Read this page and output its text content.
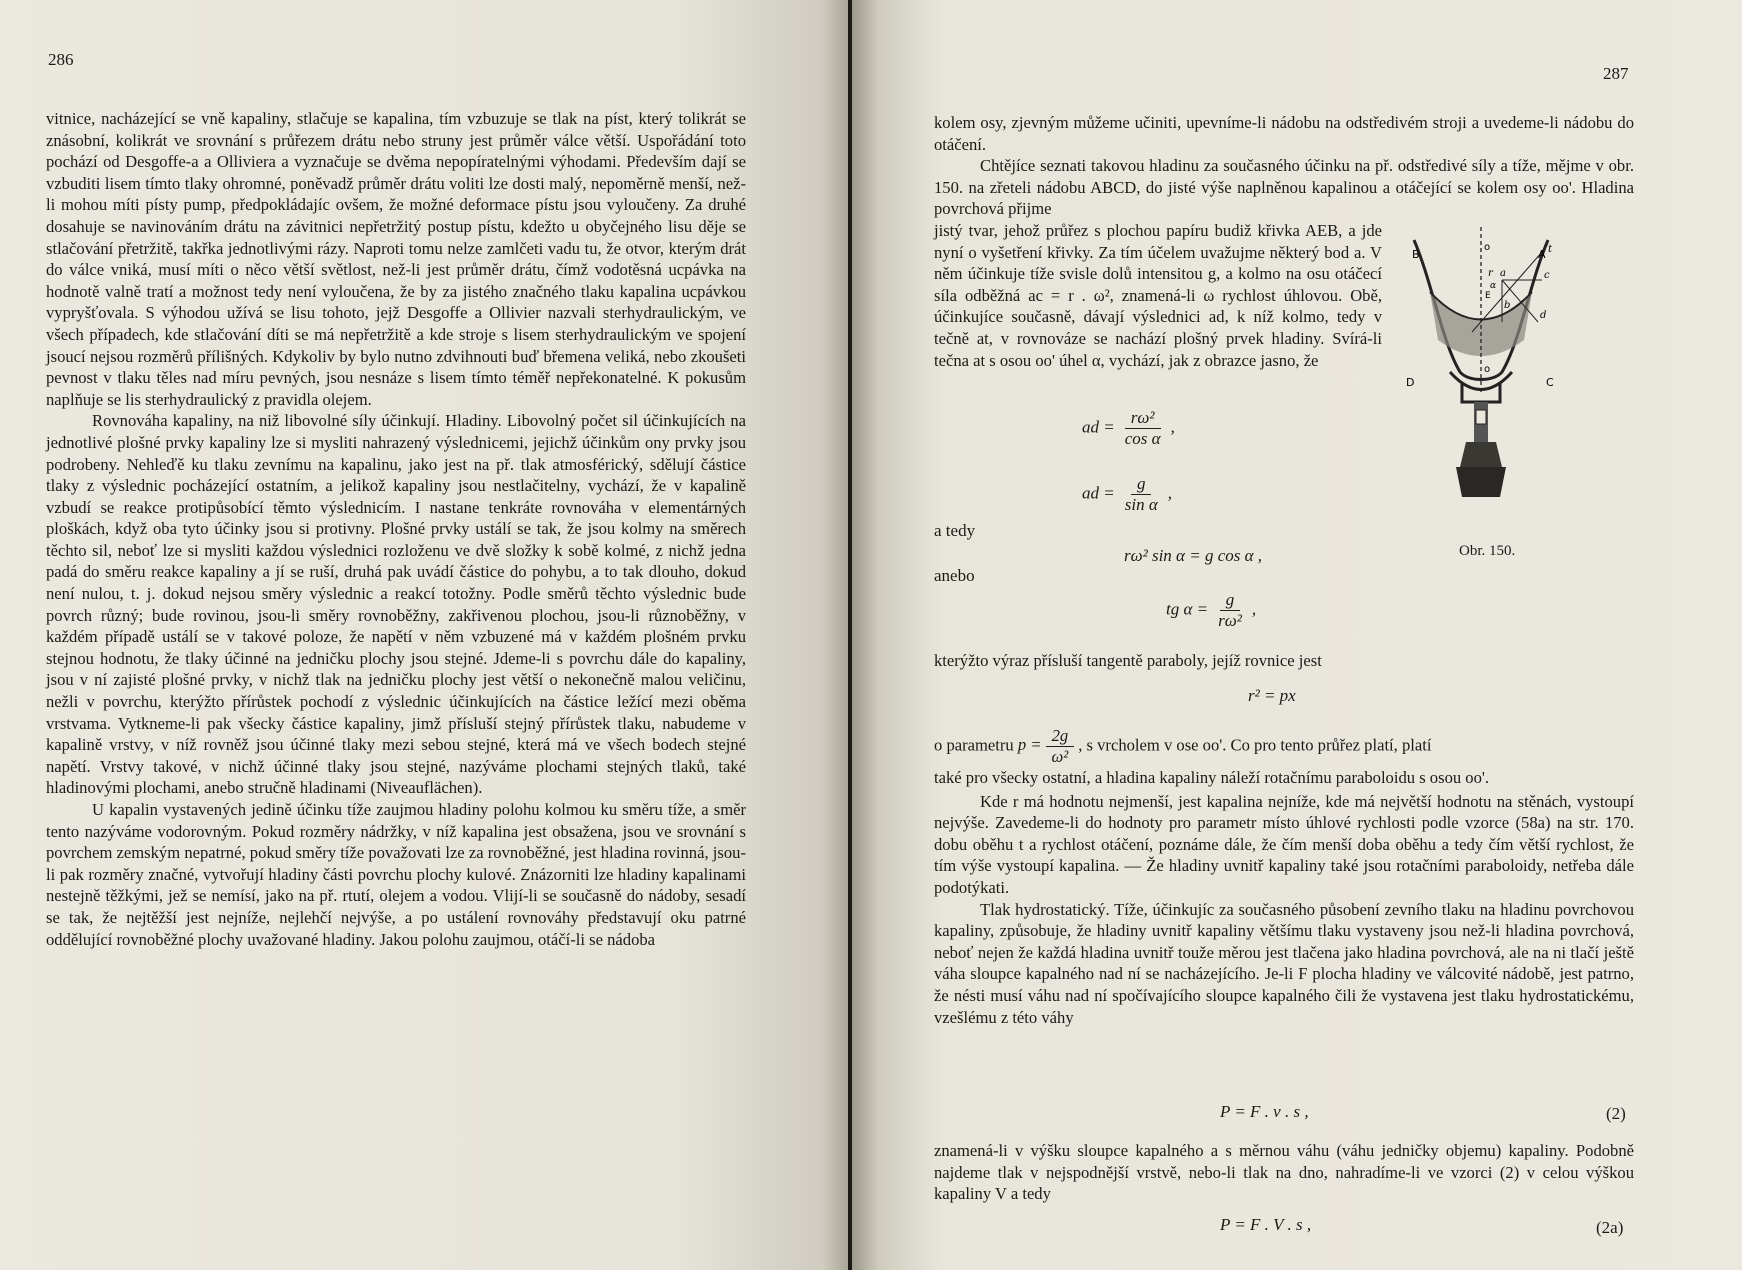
286

vitnice, nacházející se vně kapaliny, stlačuje se kapalina, tím vzbuzuje se tlak na píst, který tolikrát se znásobní, kolikrát ve srovnání s průřezem drátu nebo struny jest průměr válce větší. Uspořádání toto pochází od Desgoffe-a a Olliviera a vyznačuje se dvěma nepopíratelnými výhodami. Především dají se vzbuditi lisem tímto tlaky ohromné, poněvadž průměr drátu voliti lze dosti malý, nepoměrně menší, než-li mohou míti písty pump, předpokládajíc ovšem, že možné deformace pístu jsou vyloučeny. Za druhé dosahuje se navinováním drátu na závitnici nepřetržitý postup pístu, kdežto u obyčejného lisu děje se stlačování přetržitě, takřka jednotlivými rázy. Naproti tomu nelze zamlčeti vadu tu, že otvor, kterým drát do válce vniká, musí míti o něco větší světlost, než-li jest průměr drátu, čímž vodotěsná ucpávka na hodnotě valně tratí a možnost tedy není vyloučena, že by za jistého značného tlaku kapalina ucpávkou vypryšťovala. S výhodou užívá se lisu tohoto, jejž Desgoffe a Ollivier nazvali sterhydraulickým, ve všech případech, kde stlačování díti se má nepřetržitě a kde stroje s lisem sterhydraulickým ve spojení jsoucí nejsou rozměrů přílišných. Kdykoliv by bylo nutno zdvihnouti buď břemena veliká, nebo zkoušeti pevnost v tlaku těles nad míru pevných, jsou nesnáze s lisem tímto téměř nepřekonatelné. K pokusům naplňuje se lis sterhydraulický z pravidla olejem.

Rovnováha kapaliny, na niž libovolné síly účinkují. Hladiny. Libovolný počet sil účinkujících na jednotlivé plošné prvky kapaliny lze si mysliti nahrazený výslednicemi, jejichž účinkům ony prvky jsou podrobeny. Nehleďě ku tlaku zevnímu na kapalinu, jako jest na př. tlak atmosférický, sdělují částice tlaky z výslednic pocházející ostatním, a jelikož kapaliny jsou nestlačitelny, vychází, že v kapalině vzbudí se reakce protipůsobící těmto výslednicím. I nastane tenkráte rovnováha v elementárných ploškách, když oba tyto účinky jsou si protivny. Plošné prvky ustálí se tak, že jsou kolmy na směrech těchto sil, neboť lze si mysliti každou výslednici rozloženu ve dvě složky k sobě kolmé, z nichž jedna padá do směru reakce kapaliny a jí se ruší, druhá pak uvádí částice do pohybu, a to tak dlouho, dokud není nulou, t. j. dokud nejsou směry výslednic a reakcí totožny. Podle směrů těchto výslednic bude povrch různý; bude rovinou, jsou-li směry rovnoběžny, zakřivenou plochou, jsou-li různoběžny, v každém případě ustálí se v takové poloze, že napětí v něm vzbuzené má v každém plošném prvku stejnou hodnotu, že tlaky účinné na jedničku plochy jsou stejné. Jdeme-li s povrchu dále do kapaliny, jsou v ní zajisté plošné prvky, v nichž tlak na jedničku plochy jest větší o nekonečně malou veličinu, nežli v povrchu, kterýžto přírůstek pochodí z výslednic účinkujících na částice ležící mezi oběma vrstvama. Vytkneme-li pak všecky částice kapaliny, jimž přísluší stejný přírůstek tlaku, nabudeme v kapalině vrstvy, v níž rovněž jsou účinné tlaky mezi sebou stejné, která má ve všech bodech stejné napětí. Vrstvy takové, v nichž účinné tlaky jsou stejné, nazýváme plochami stejných tlaků, také hladinovými plochami, anebo stručně hladinami (Niveauflächen).

U kapalin vystavených jedině účinku tíže zaujmou hladiny polohu kolmou ku směru tíže, a směr tento nazýváme vodorovným. Pokud rozměry nádržky, v níž kapalina jest obsažena, jsou ve srovnání s povrchem zemským nepatrné, pokud směry tíže považovati lze za rovnoběžné, jest hladina rovinná, jsou-li pak rozměry značné, vytvořují hladiny části povrchu plochy kulové. Znázorniti lze hladiny kapalinami nestejně těžkými, jež se nemísí, jako na př. rtutí, olejem a vodou. Vlijí-li se současně do nádoby, sesadí se tak, že nejtěžší jest nejníže, nejlehčí nejvýše, a po ustálení rovnováhy představují oku patrné oddělující rovnoběžné plochy uvažované hladiny. Jakou polohu zaujmou, otáčí-li se nádoba

287

kolem osy, zjevným můžeme učiniti, upevníme-li nádobu na odstředivém stroji a uvedeme-li nádobu do otáčení.

Chtějíce seznati takovou hladinu za současného účinku na př. odstředivé síly a tíže, mějme v obr. 150. na zřeteli nádobu ABCD, do jisté výše naplněnou kapalinou a otáčející se kolem osy oo'. Hladina povrchová přijme

jistý tvar, jehož průřez s plochou papíru budiž křivka AEB, a jde nyní o vyšetření křivky. Za tím účelem uvažujme některý bod a. V něm účinkuje tíže svisle dolů intensitou g, a kolmo na osu otáčecí síla odběžná ac = r . ω², znamená-li ω rychlost úhlovou. Obě, účinkujíce současně, dávají výslednici ad, k níž kolmo, tedy v tečně at, v rovnováze se nachází plošný prvek hladiny. Svírá-li tečna at s osou oo' úhel α, vychází, jak z obrazce jasno, že

B	A
o
o
r a	c
b
d
t
E
α
D	C
Obr. 150.
ad = $\frac{\text{rω²}}{\text{cos α}}$ ,
ad = $\frac{g}{\text{sin α}}$ ,
a tedy
rω² sin α = g cos α ,
anebo
tg $\alpha = \frac{g}{\text{rω²}}$ ,

kterýžto výraz přísluší tangentě paraboly, jejíž rovnice jest

r² = px

o parametru $p = \frac{2g}{\text{ω²}}$ , s vrcholem v ose oo'. Co pro tento průřez platí, platí

také pro všecky ostatní, a hladina kapaliny náleží rotačnímu paraboloidu s osou oo'.

Kde r má hodnotu nejmenší, jest kapalina nejníže, kde má největší hodnotu na stěnách, vystoupí nejvýše. Zavedeme-li do hodnoty pro parametr místo úhlové rychlosti podle vzorce (58a) na str. 170. dobu oběhu t a rychlost otáčení, poznáme dále, že čím menší doba oběhu a tedy čím větší rychlost, že tím výše vystoupí kapalina. — Že hladiny uvnitř kapaliny také jsou rotačními paraboloidy, netřeba dále podotýkati.

Tlak hydrostatický. Tíže, účinkujíc za současného působení zevního tlaku na hladinu povrchovou kapaliny, způsobuje, že hladiny uvnitř kapaliny většímu tlaku vystaveny jsou než-li hladina povrchová, neboť nejen že každá hladina uvnitř touže měrou jest tlačena jako hladina povrchová, ale na ni tlačí ještě váha sloupce kapalného nad ní se nacházejícího. Je-li F plocha hladiny ve válcovité nádobě, jest patrno, že nésti musí váhu nad ní spočívajícího sloupce kapalného čili že vystavena jest tlaku hydrostatickému, vzešlému z této váhy

P = F . v . s ,	(2)

znamená-li v výšku sloupce kapalného a s měrnou váhu (váhu jedničky objemu) kapaliny. Podobně najdeme tlak v nejspodnější vrstvě, nebo-li tlak na dno, nahradíme-li ve vzorci (2) v celou výškou kapaliny V a tedy

P = F . V . s ,	(2a)
